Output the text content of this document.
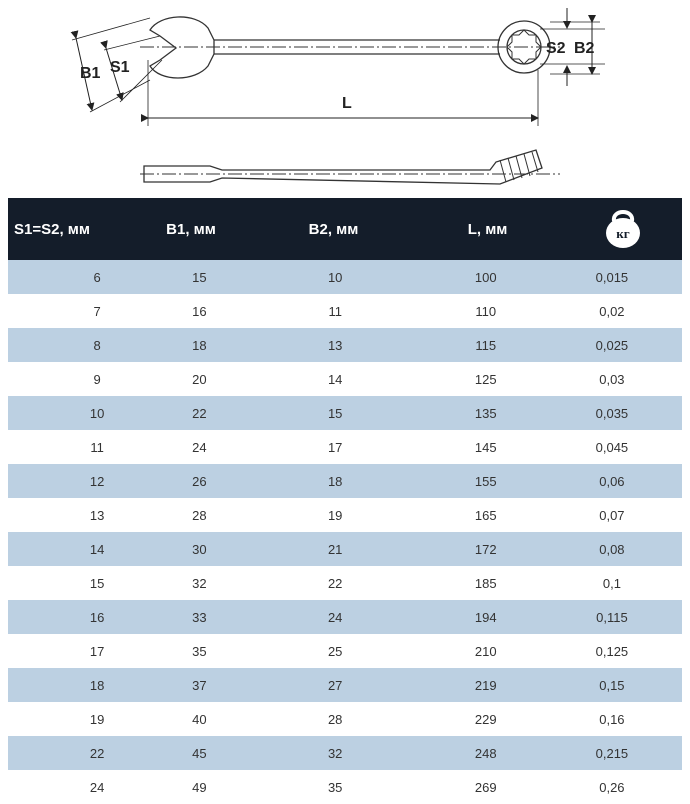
B1 S1
S2 B2
L
S1=S2, мм	B1, мм	B2, мм	L, мм	кг

6	15	10	100	0,015
7	16	11	110	0,02
8	18	13	115	0,025
9	20	14	125	0,03
10	22	15	135	0,035
11	24	17	145	0,045
12	26	18	155	0,06
13	28	19	165	0,07
14	30	21	172	0,08
15	32	22	185	0,1
16	33	24	194	0,115
17	35	25	210	0,125
18	37	27	219	0,15
19	40	28	229	0,16
22	45	32	248	0,215
24	49	35	269	0,26
